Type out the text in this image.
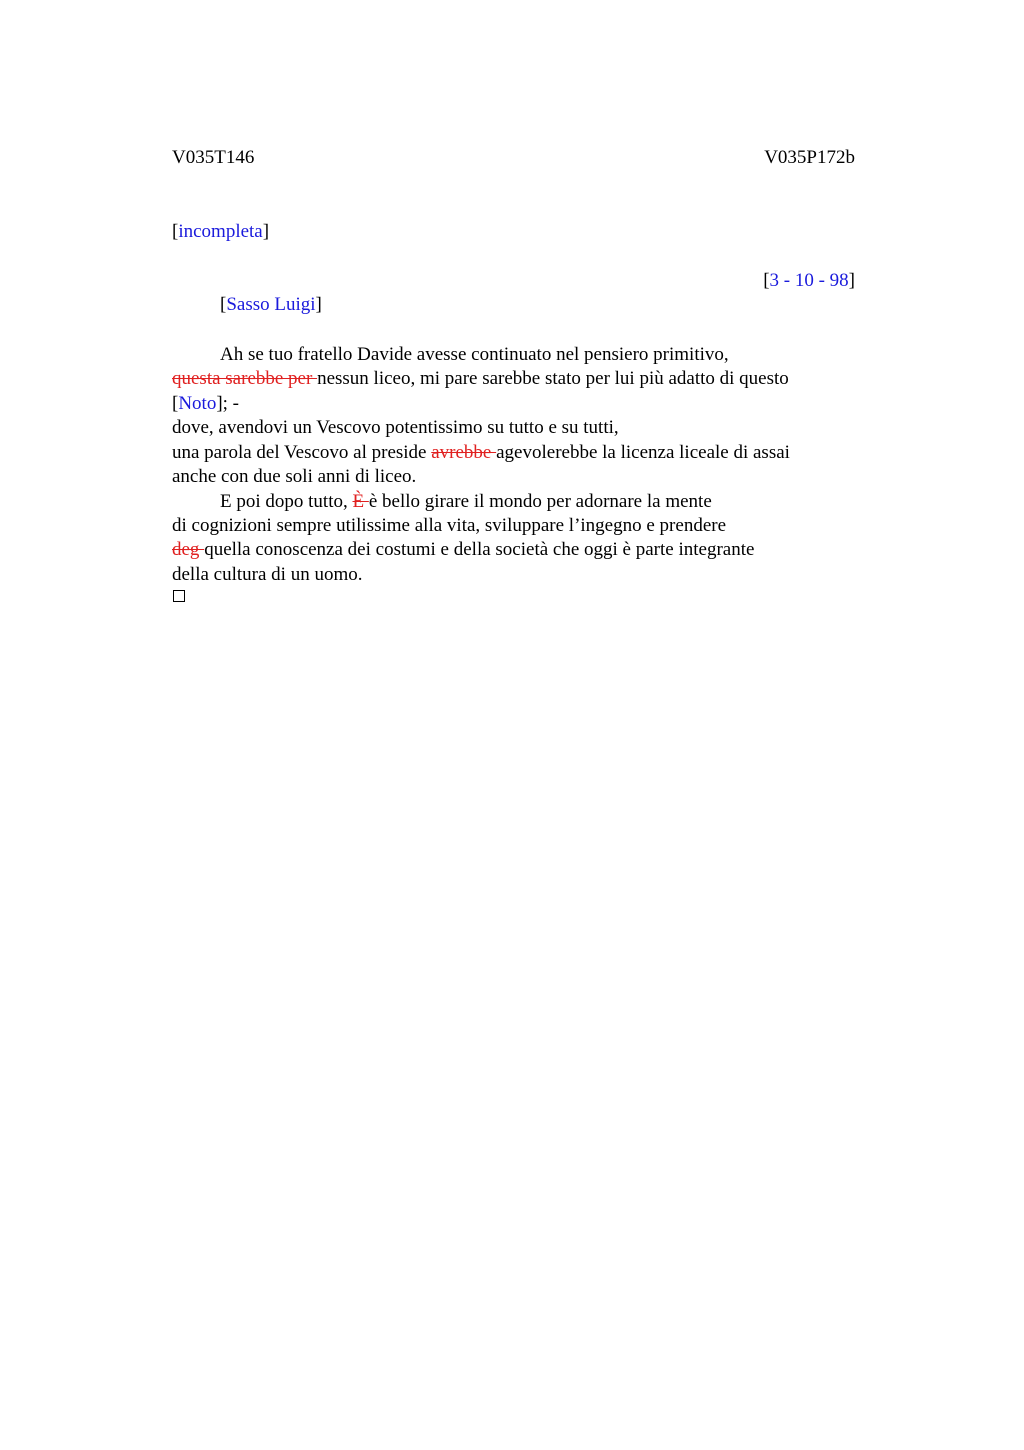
V035T146	V035P172b
[incompleta]
[3 - 10 - 98]
[Sasso Luigi]
Ah se tuo fratello Davide avesse continuato nel pensiero primitivo,
questa sarebbe per nessun liceo, mi pare sarebbe stato per lui più adatto di questo
[Noto]; -
dove, avendovi un Vescovo potentissimo su tutto e su tutti,
una parola del Vescovo al preside avrebbe agevolerebbe la licenza liceale di assai
anche con due soli anni di liceo.
E poi dopo tutto, È è bello girare il mondo per adornare la mente
di cognizioni sempre utilissime alla vita, sviluppare l’ingegno e prendere
deg quella conoscenza dei costumi e della società che oggi è parte integrante
della cultura di un uomo.
